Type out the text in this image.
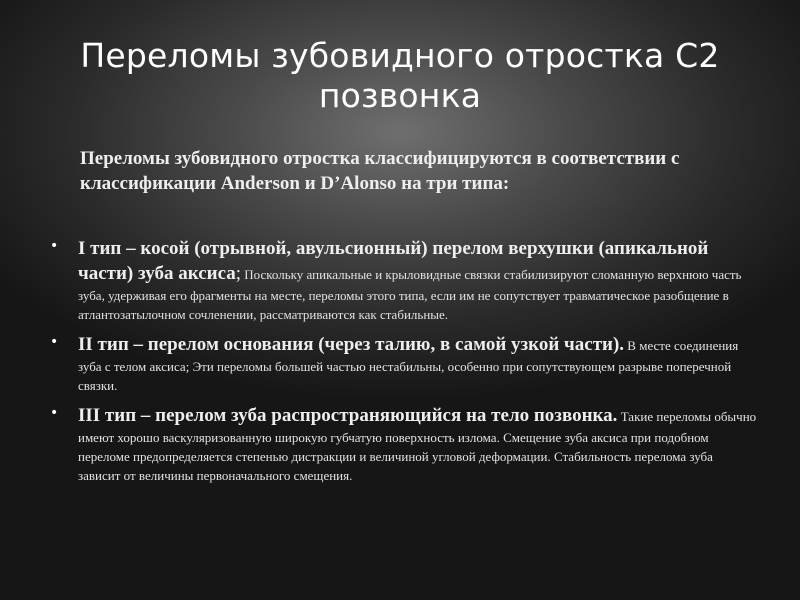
Переломы зубовидного отростка С2 позвонка
Переломы зубовидного отростка классифицируются в соответствии с классификации Anderson и D’Alonso на три типа:
• I тип – косой (отрывной, авульсионный) перелом верхушки (апикальной части) зуба аксиса; Поскольку апикальные и крыловидные связки стабилизируют сломанную верхнюю часть зуба, удерживая его фрагменты на месте, переломы этого типа, если им не сопутствует травматическое разобщение в атлантозатылочном сочленении, рассматриваются как стабильные.
• II тип – перелом основания (через талию, в самой узкой части). В месте соединения зуба с телом аксиса; Эти переломы большей частью нестабильны, особенно при сопутствующем разрыве поперечной связки.
• III тип – перелом зуба распространяющийся на тело позвонка. Такие переломы обычно имеют хорошо васкуляризованную широкую губчатую поверхность излома. Смещение зуба аксиса при подобном переломе предопределяется степенью дистракции и величиной угловой деформации. Стабильность перелома зуба зависит от величины первоначального смещения.
